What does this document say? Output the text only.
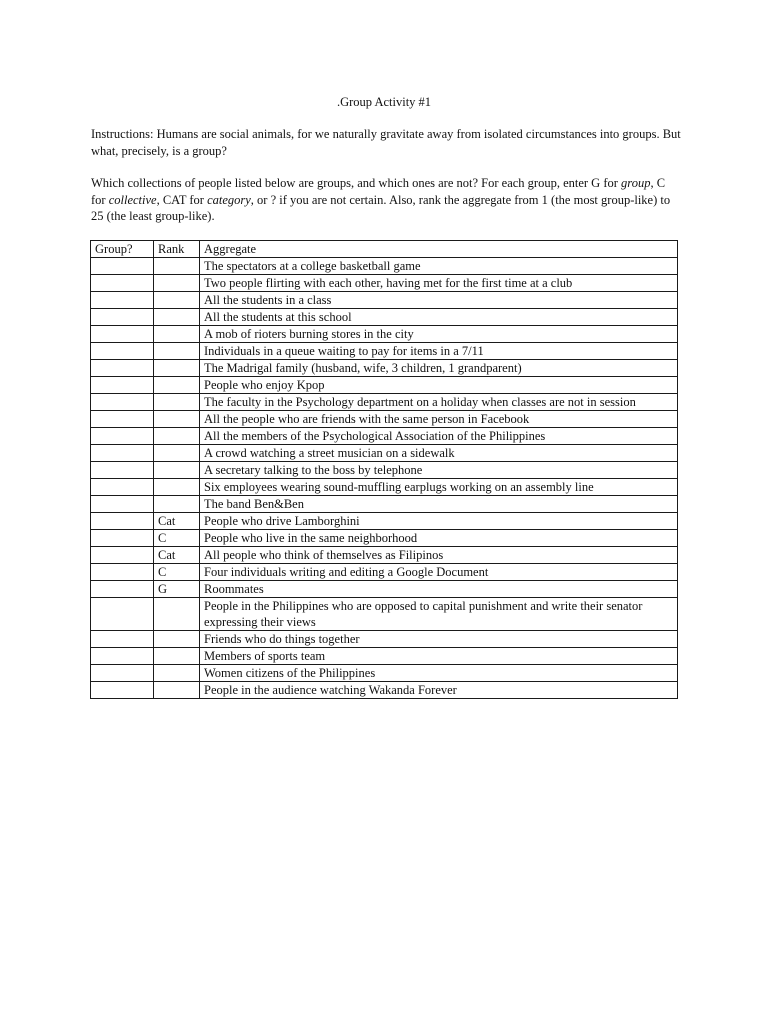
.Group Activity #1
Instructions: Humans are social animals, for we naturally gravitate away from isolated circumstances into groups. But what, precisely, is a group?
Which collections of people listed below are groups, and which ones are not? For each group, enter G for group, C for collective, CAT for category, or ? if you are not certain. Also, rank the aggregate from 1 (the most group-like) to 25 (the least group-like).
Group?	Rank	Aggregate
		The spectators at a college basketball game
		Two people flirting with each other, having met for the first time at a club
		All the students in a class
		All the students at this school
		A mob of rioters burning stores in the city
		Individuals in a queue waiting to pay for items in a 7/11
		The Madrigal family (husband, wife, 3 children, 1 grandparent)
		People who enjoy Kpop
		The faculty in the Psychology department on a holiday when classes are not in session
		All the people who are friends with the same person in Facebook
		All the members of the Psychological Association of the Philippines
		A crowd watching a street musician on a sidewalk
		A secretary talking to the boss by telephone
		Six employees wearing sound-muffling earplugs working on an assembly line
		The band Ben&Ben
	Cat	People who drive Lamborghini
	C	People who live in the same neighborhood
	Cat	All people who think of themselves as Filipinos
	C	Four individuals writing and editing a Google Document
	G	Roommates
		People in the Philippines who are opposed to capital punishment and write their senator expressing their views
		Friends who do things together
		Members of sports team
		Women citizens of the Philippines
		People in the audience watching Wakanda Forever
